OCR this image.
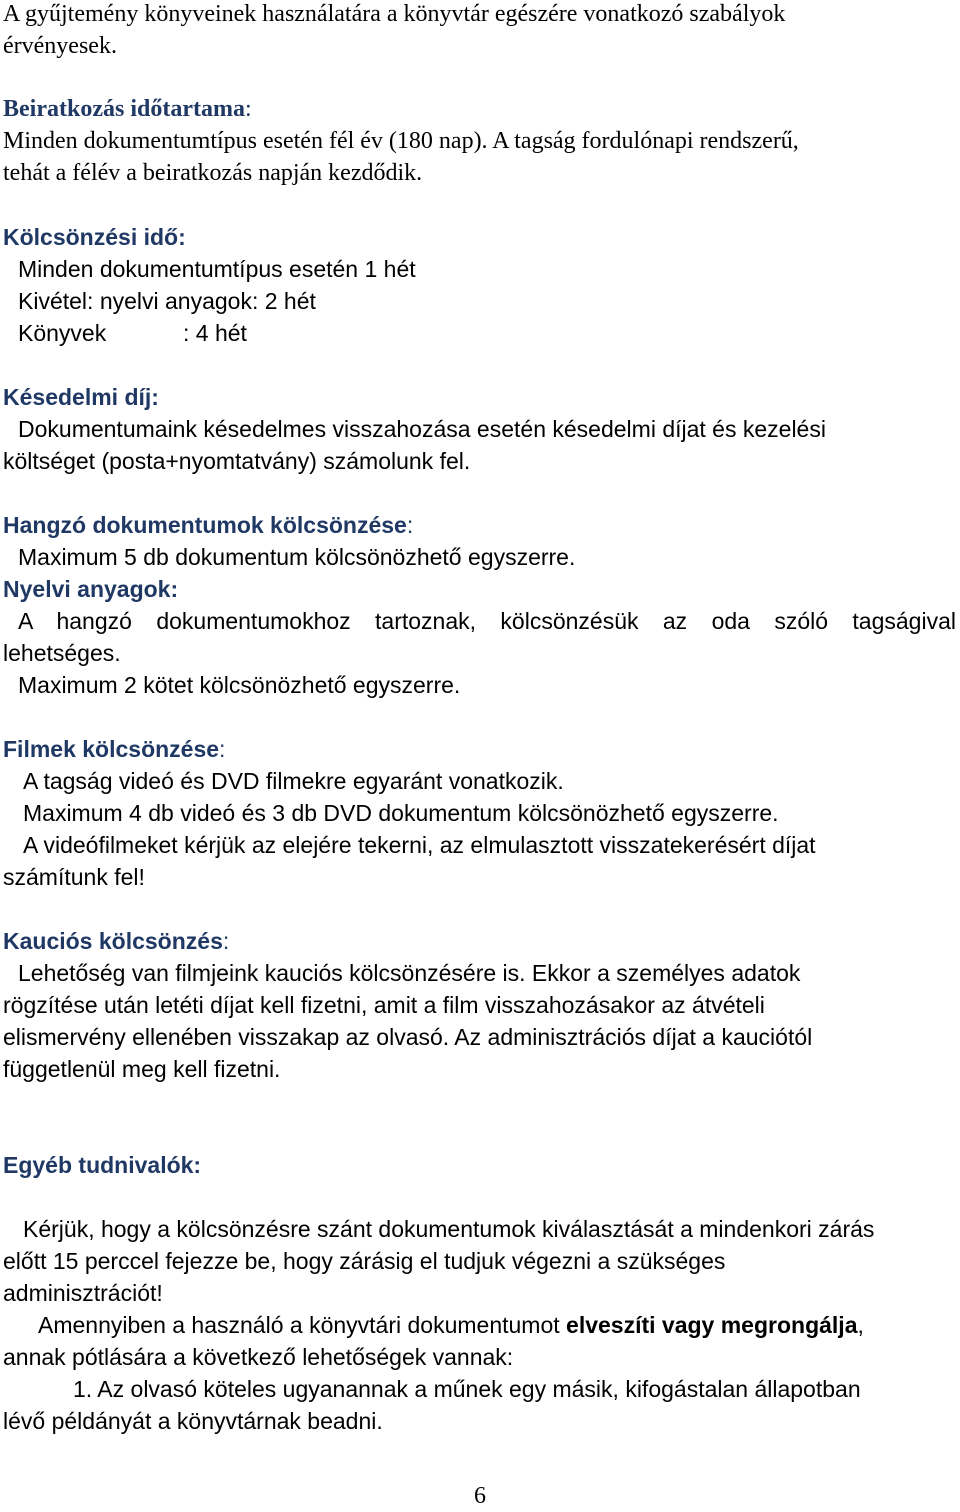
A gyűjtemény könyveinek használatára a könyvtár egészére vonatkozó szabályok

érvényesek.

Beiratkozás időtartama:

Minden dokumentumtípus esetén fél év (180 nap). A tagság fordulónapi rendszerű,

tehát a félév a beiratkozás napján kezdődik.

Kölcsönzési idő:

Minden dokumentumtípus esetén 1 hét

Kivétel: nyelvi anyagok: 2 hét

Könyvek	: 4 hét

Késedelmi díj:

Dokumentumaink késedelmes visszahozása esetén késedelmi díjat és kezelési

költséget (posta+nyomtatvány) számolunk fel.

Hangzó dokumentumok kölcsönzése:

Maximum 5 db dokumentum kölcsönözhető egyszerre.

Nyelvi anyagok:

A hangzó dokumentumokhoz tartoznak, kölcsönzésük az oda szóló tagságival

lehetséges.

Maximum 2 kötet kölcsönözhető egyszerre.

Filmek kölcsönzése:

A tagság videó és DVD filmekre egyaránt vonatkozik.

Maximum 4 db videó és 3 db DVD dokumentum kölcsönözhető egyszerre.

A videófilmeket kérjük az elejére tekerni, az elmulasztott visszatekerésért díjat

számítunk fel!

Kauciós kölcsönzés:

Lehetőség van filmjeink kauciós kölcsönzésére is. Ekkor a személyes adatok

rögzítése után letéti díjat kell fizetni, amit a film visszahozásakor az átvételi

elismervény ellenében visszakap az olvasó. Az adminisztrációs díjat a kauciótól

függetlenül meg kell fizetni.

Egyéb tudnivalók:

Kérjük, hogy a kölcsönzésre szánt dokumentumok kiválasztását a mindenkori zárás

előtt 15 perccel fejezze be, hogy zárásig el tudjuk végezni a szükséges

adminisztrációt!

Amennyiben a használó a könyvtári dokumentumot elveszíti vagy megrongálja,

annak pótlására a következő lehetőségek vannak:

1. Az olvasó köteles ugyanannak a műnek egy másik, kifogástalan állapotban

lévő példányát a könyvtárnak beadni.

6
